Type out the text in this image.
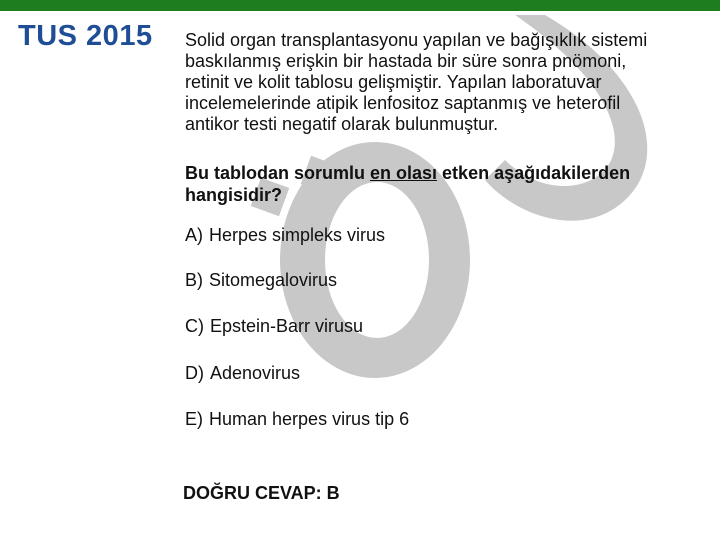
TUS 2015 Solid organ transplantasyonu yapılan ve bağışıklık sistemi baskılanmış erişkin bir hastada bir süre sonra pnömoni, retinit ve kolit tablosu gelişmiştir. Yapılan laboratuvar incelemelerinde atipik lenfositoz saptanmış ve heterofil antikor testi negatif olarak bulunmuştur.
Bu tablodan sorumlu en olası etken aşağıdakilerden hangisidir?
A) Herpes simpleks virus
B) Sitomegalovirus
C) Epstein-Barr virusu
D) Adenovirus
E) Human herpes virus tip 6
DOĞRU CEVAP: B
